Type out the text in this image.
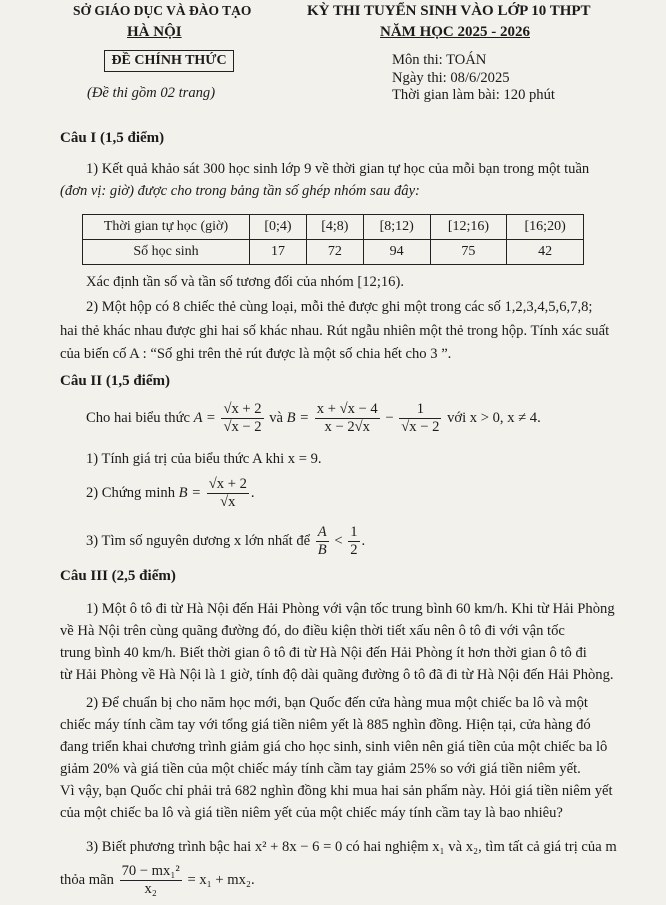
SỞ GIÁO DỤC VÀ ĐÀO TẠO
HÀ NỘI
KỲ THI TUYỂN SINH VÀO LỚP 10 THPT
NĂM HỌC 2025 - 2026
ĐỀ CHÍNH THỨC
(Đề thi gồm 02 trang)
Môn thi: TOÁN
Ngày thi: 08/6/2025
Thời gian làm bài: 120 phút
Câu I (1,5 điểm)
1) Kết quả khảo sát 300 học sinh lớp 9 về thời gian tự học của mỗi bạn trong một tuần
(đơn vị: giờ) được cho trong bảng tần số ghép nhóm sau đây:
Thời gian tự học (giờ)	[0;4)	[4;8)	[8;12)	[12;16)	[16;20)
Số học sinh	17	72	94	75	42
Xác định tần số và tần số tương đối của nhóm [12;16).
2) Một hộp có 8 chiếc thẻ cùng loại, mỗi thẻ được ghi một trong các số 1,2,3,4,5,6,7,8;
hai thẻ khác nhau được ghi hai số khác nhau. Rút ngẫu nhiên một thẻ trong hộp. Tính xác suất
của biến cố A : “Số ghi trên thẻ rút được là một số chia hết cho 3 ”.
Câu II (1,5 điểm)
Cho hai biểu thức $A = \frac{√x + 2}{√x - 2}$ và $B = \frac{x + √x - 4}{x - 2√x} - \frac{1}{√x - 2}$ với x > 0, x ≠ 4.
1) Tính giá trị của biểu thức A khi x = 9.
2) Chứng minh $B = \frac{√x + 2}{√x}$ .
3) Tìm số nguyên dương x lớn nhất để $\frac{A}{B} < \frac{1}{2}$ .
Câu III (2,5 điểm)
1) Một ô tô đi từ Hà Nội đến Hải Phòng với vận tốc trung bình 60 km/h. Khi từ Hải Phòng
về Hà Nội trên cùng quãng đường đó, do điều kiện thời tiết xấu nên ô tô đi với vận tốc
trung bình 40 km/h. Biết thời gian ô tô đi từ Hà Nội đến Hải Phòng ít hơn thời gian ô tô đi
từ Hải Phòng về Hà Nội là 1 giờ, tính độ dài quãng đường ô tô đã đi từ Hà Nội đến Hải Phòng.
2) Để chuẩn bị cho năm học mới, bạn Quốc đến cửa hàng mua một chiếc ba lô và một
chiếc máy tính cầm tay với tổng giá tiền niêm yết là 885 nghìn đồng. Hiện tại, cửa hàng đó
đang triển khai chương trình giảm giá cho học sinh, sinh viên nên giá tiền của một chiếc ba lô
giảm 20% và giá tiền của một chiếc máy tính cầm tay giảm 25% so với giá tiền niêm yết.
Vì vậy, bạn Quốc chỉ phải trả 682 nghìn đồng khi mua hai sản phẩm này. Hỏi giá tiền niêm yết
của một chiếc ba lô và giá tiền niêm yết của một chiếc máy tính cầm tay là bao nhiêu?
3) Biết phương trình bậc hai x² + 8x − 6 = 0 có hai nghiệm x₁ và x₂, tìm tất cả giá trị của m
thỏa mãn $\frac{\text{70 − mx₁²}}{\text{x₂}} = x_1 + mx_2$.
